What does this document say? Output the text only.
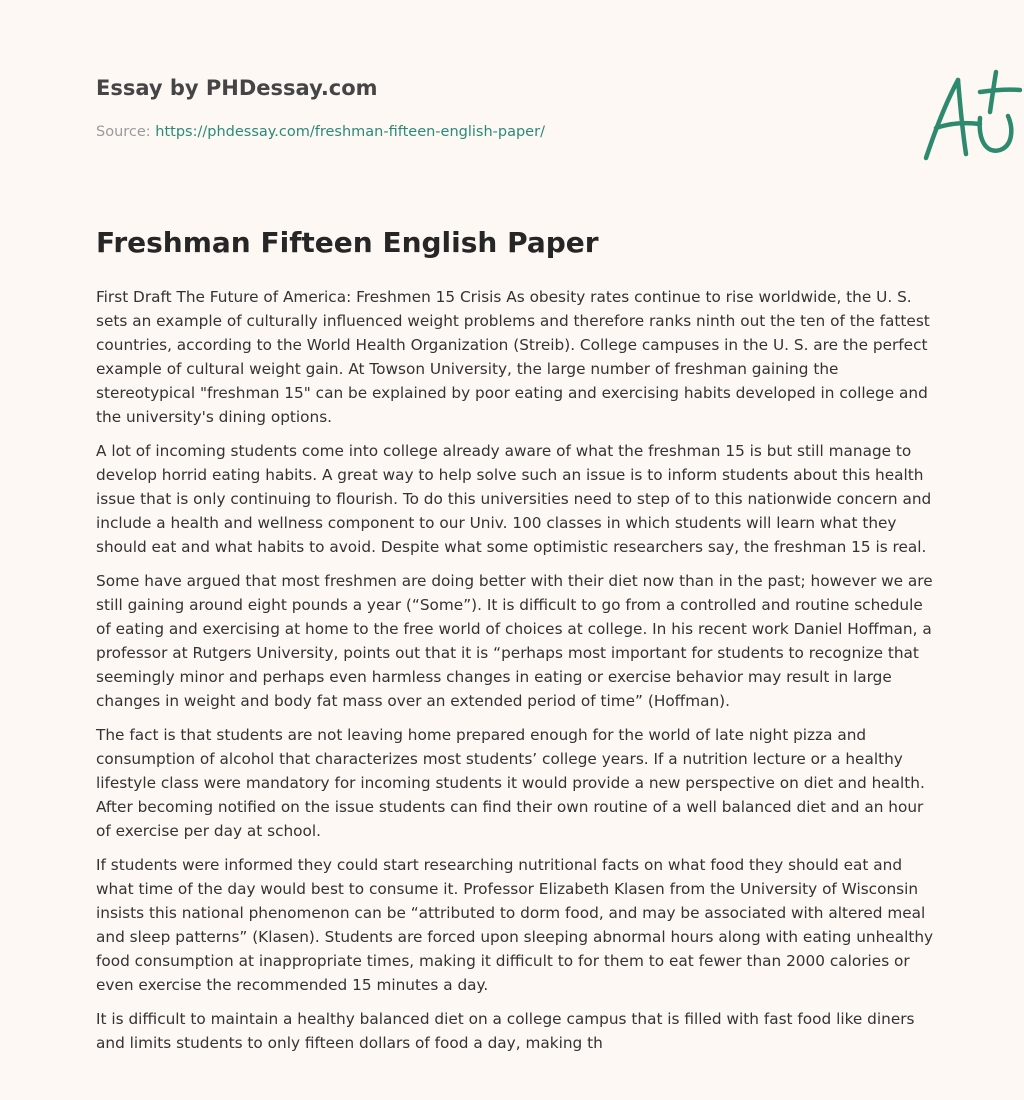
Essay by PHDessay.com
Source: https://phdessay.com/freshman-fifteen-english-paper/
Freshman Fifteen English Paper

First Draft The Future of America: Freshmen 15 Crisis As obesity rates continue to rise worldwide, the U. S. sets an example of culturally influenced weight problems and therefore ranks ninth out the ten of the fattest countries, according to the World Health Organization (Streib). College campuses in the U. S. are the perfect example of cultural weight gain. At Towson University, the large number of freshman gaining the stereotypical "freshman 15" can be explained by poor eating and exercising habits developed in college and the university's dining options.

A lot of incoming students come into college already aware of what the freshman 15 is but still manage to develop horrid eating habits. A great way to help solve such an issue is to inform students about this health issue that is only continuing to flourish. To do this universities need to step of to this nationwide concern and include a health and wellness component to our Univ. 100 classes in which students will learn what they should eat and what habits to avoid. Despite what some optimistic researchers say, the freshman 15 is real.

Some have argued that most freshmen are doing better with their diet now than in the past; however we are still gaining around eight pounds a year (“Some”). It is difficult to go from a controlled and routine schedule of eating and exercising at home to the free world of choices at college. In his recent work Daniel Hoffman, a professor at Rutgers University, points out that it is “perhaps most important for students to recognize that seemingly minor and perhaps even harmless changes in eating or exercise behavior may result in large changes in weight and body fat mass over an extended period of time” (Hoffman).

The fact is that students are not leaving home prepared enough for the world of late night pizza and consumption of alcohol that characterizes most students’ college years. If a nutrition lecture or a healthy lifestyle class were mandatory for incoming students it would provide a new perspective on diet and health. After becoming notified on the issue students can find their own routine of a well balanced diet and an hour of exercise per day at school.

If students were informed they could start researching nutritional facts on what food they should eat and what time of the day would best to consume it. Professor Elizabeth Klasen from the University of Wisconsin insists this national phenomenon can be “attributed to dorm food, and may be associated with altered meal and sleep patterns” (Klasen). Students are forced upon sleeping abnormal hours along with eating unhealthy food consumption at inappropriate times, making it difficult to for them to eat fewer than 2000 calories or even exercise the recommended 15 minutes a day.

It is difficult to maintain a healthy balanced diet on a college campus that is filled with fast food like diners and limits students to only fifteen dollars of food a day, making th
